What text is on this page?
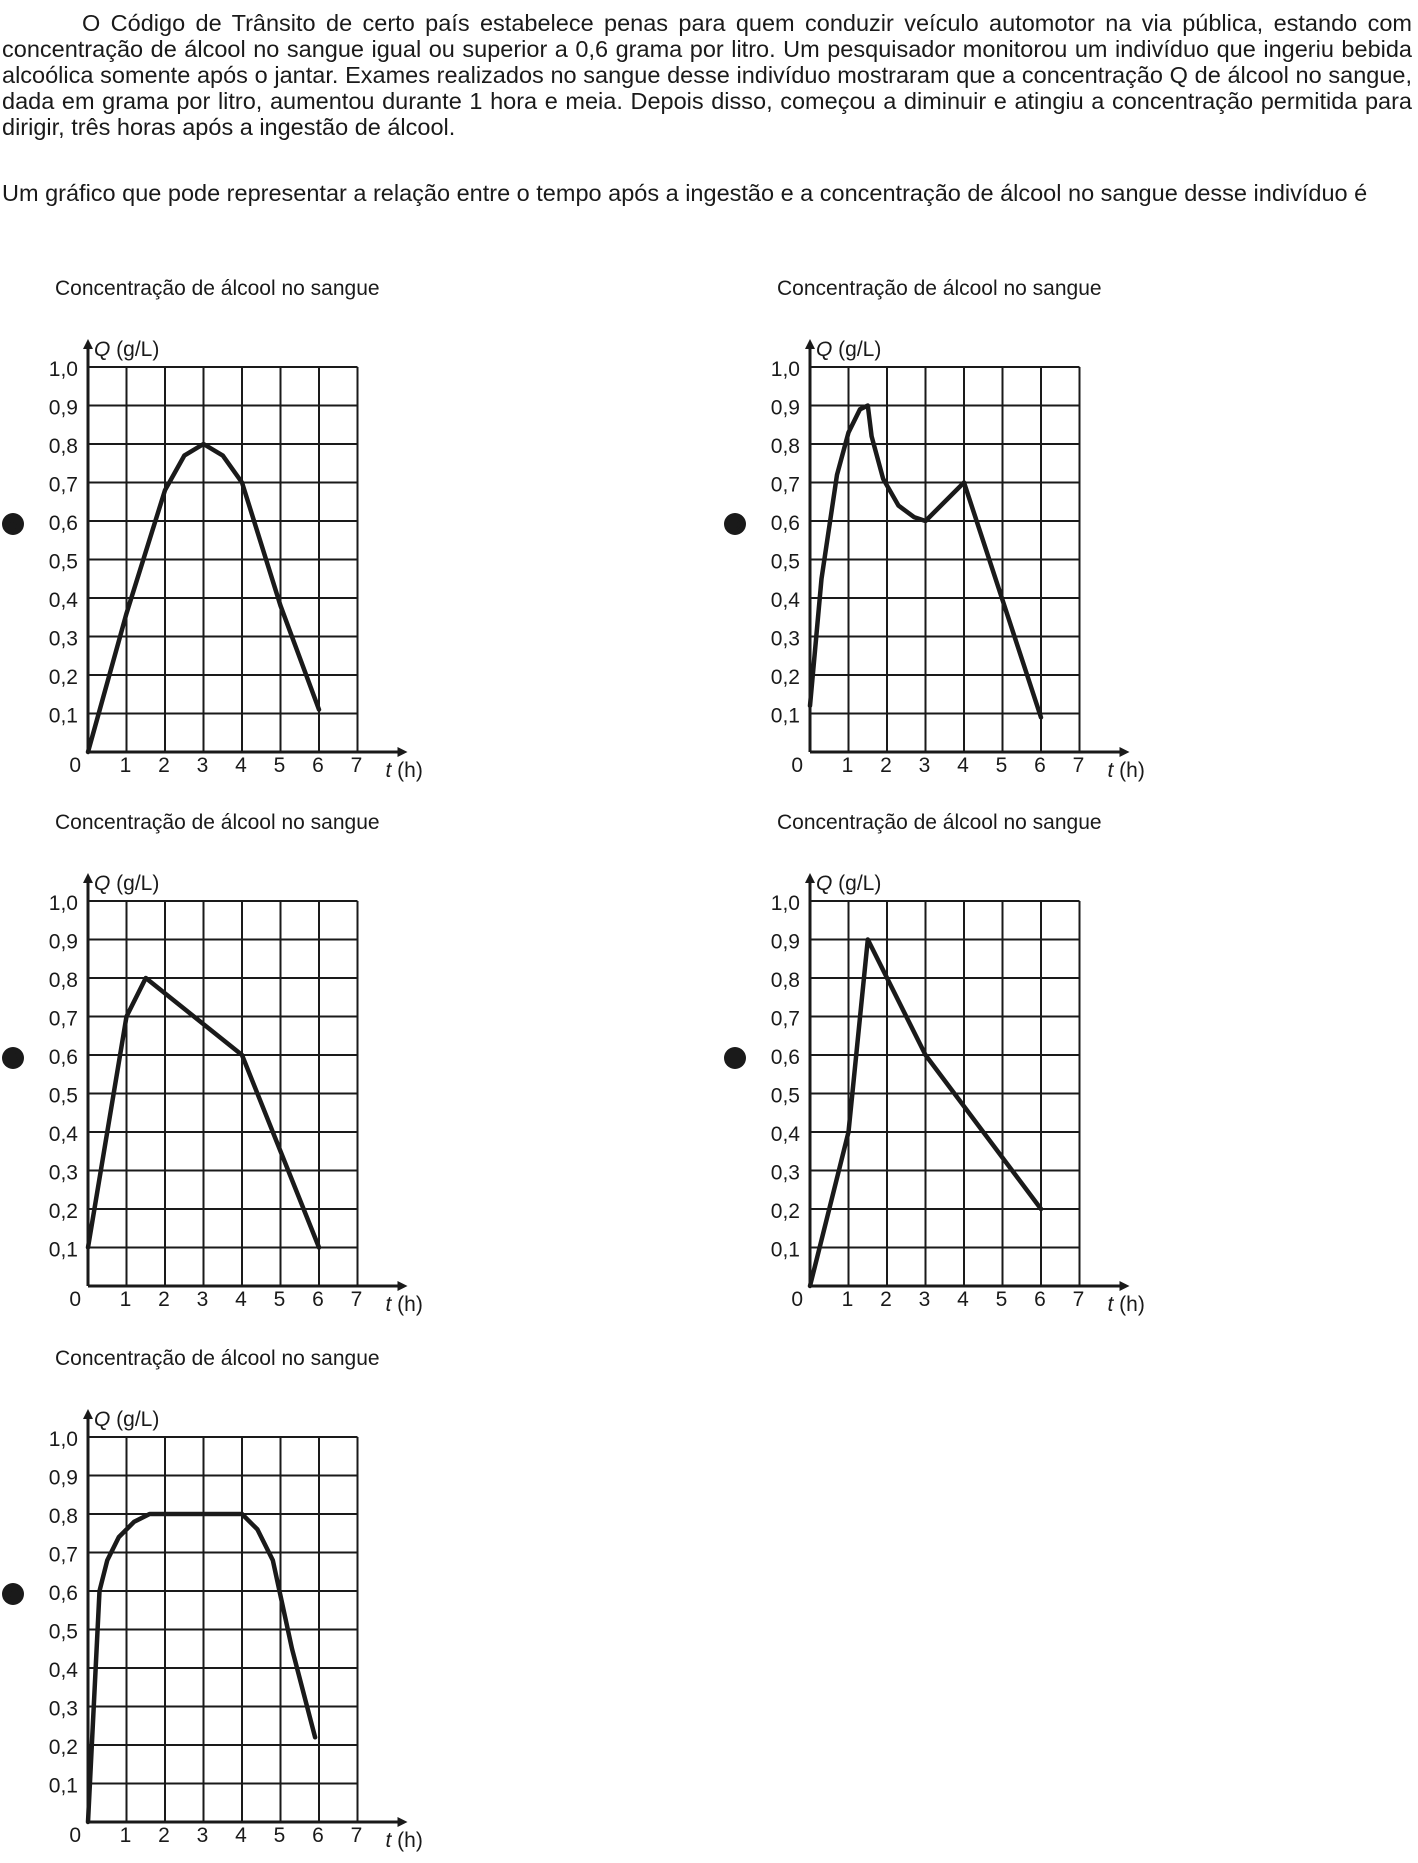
O Código de Trânsito de certo país estabelece penas para quem conduzir veículo automotor na via pública, estando com concentração de álcool no sangue igual ou superior a 0,6 grama por litro. Um pesquisador monitorou um indivíduo que ingeriu bebida alcoólica somente após o jantar. Exames realizados no sangue desse indivíduo mostraram que a concentração Q de álcool no sangue, dada em grama por litro, aumentou durante 1 hora e meia. Depois disso, começou a diminuir e atingiu a concentração permitida para dirigir, três horas após a ingestão de álcool.

Um gráfico que pode representar a relação entre o tempo após a ingestão e a concentração de álcool no sangue desse indivíduo é

Concentração de álcool no sangue
Q (g/L)
t (h)
0 1 2 3 4 5 6 7
0,1
0,2
0,3
0,4
0,5
0,6
0,7
0,8
0,9
1,0
A
Concentração de álcool no sangue
Q (g/L)
t (h)
0 1 2 3 4 5 6 7
0,1
0,2
0,3
0,4
0,5
0,6
0,7
0,8
0,9
1,0
B
Concentração de álcool no sangue
Q (g/L)
t (h)
0 1 2 3 4 5 6 7
0,1
0,2
0,3
0,4
0,5
0,6
0,7
0,8
0,9
1,0
C
Concentração de álcool no sangue
Q (g/L)
t (h)
0 1 2 3 4 5 6 7
0,1
0,2
0,3
0,4
0,5
0,6
0,7
0,8
0,9
1,0
D
Concentração de álcool no sangue
Q (g/L)
t (h)
0 1 2 3 4 5 6 7
0,1
0,2
0,3
0,4
0,5
0,6
0,7
0,8
0,9
1,0
E
